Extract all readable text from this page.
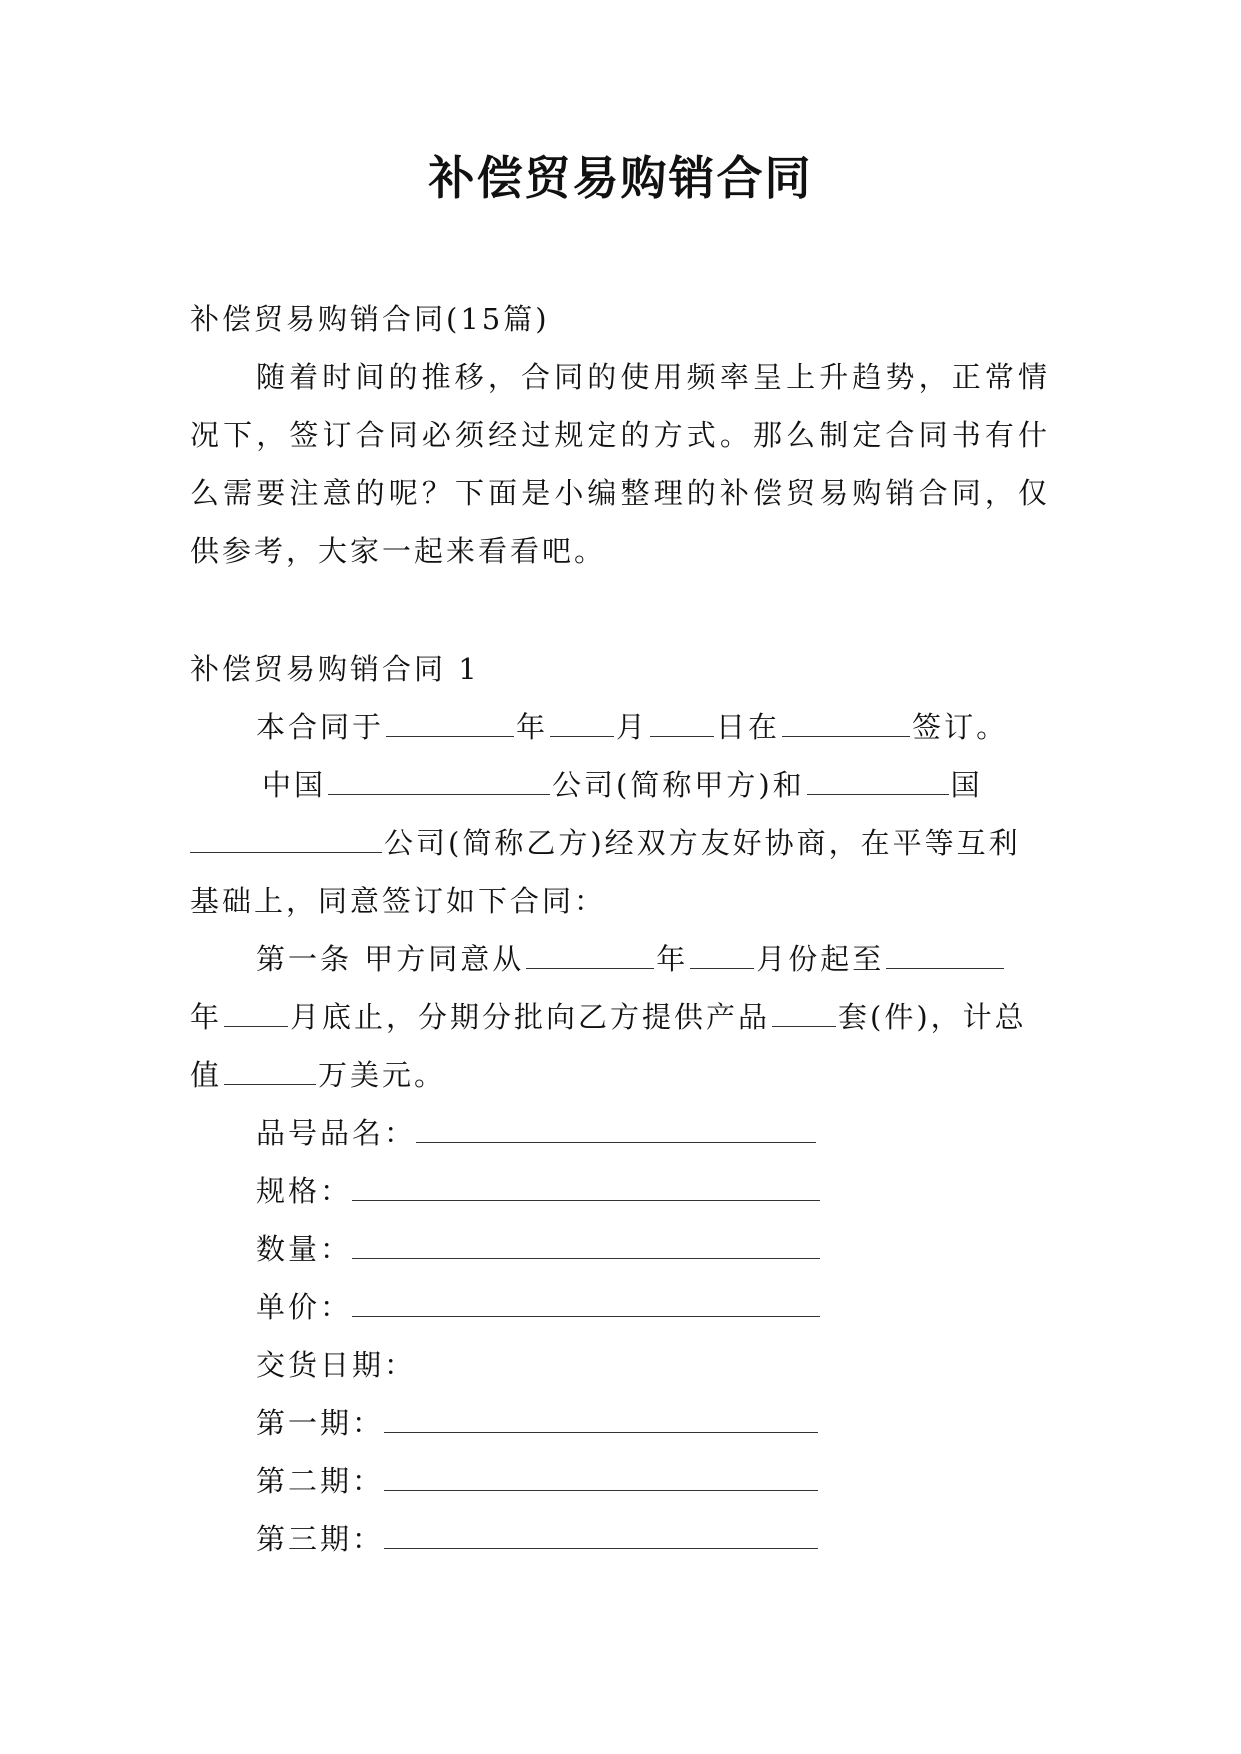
补偿贸易购销合同
补偿贸易购销合同(15篇)
随着时间的推移，合同的使用频率呈上升趋势，正常情
况下，签订合同必须经过规定的方式。那么制定合同书有什
么需要注意的呢？下面是小编整理的补偿贸易购销合同，仅
供参考，大家一起来看看吧。
补偿贸易购销合同 1
本合同于	年 月 日在	签订。
中国	公司(简称甲方)和	国
公司(简称乙方)经双方友好协商，在平等互利
基础上，同意签订如下合同：
第一条 甲方同意从	年 月份起至
年 月底止，分期分批向乙方提供产品 套(件)，计总
值	万美元。
品号品名：
规格：
数量：
单价：
交货日期：
第一期：
第二期：
第三期：
